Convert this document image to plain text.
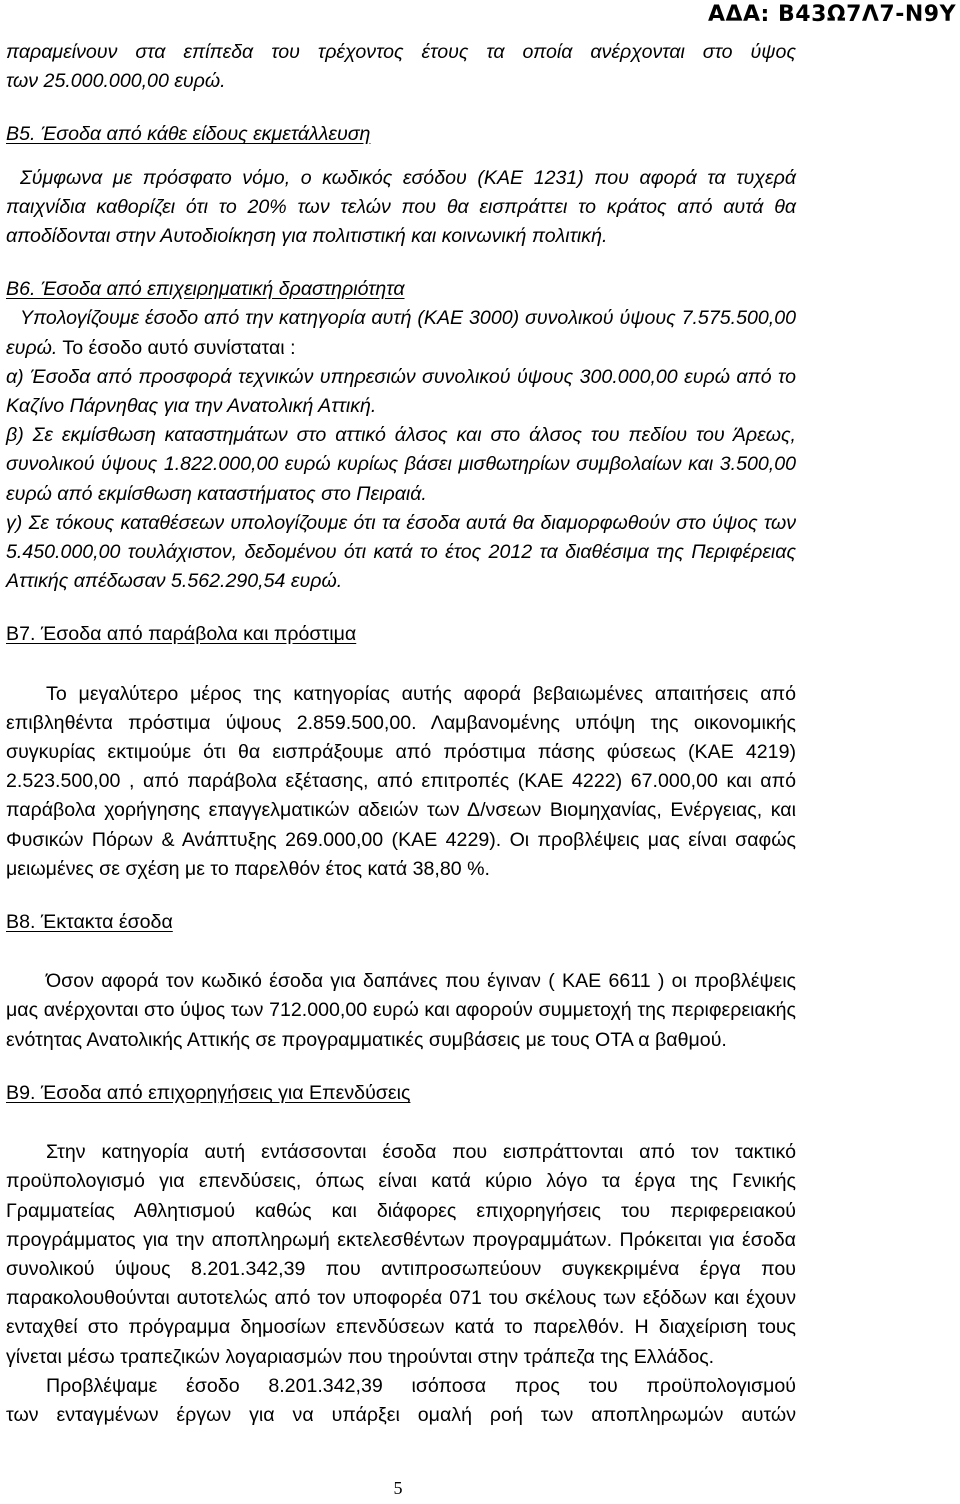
ΑΔΑ: Β43Ω7Λ7-Ν9Υ

παραμείνουν στα επίπεδα του τρέχοντος έτους τα οποία ανέρχονται στο ύψος
των 25.000.000,00 ευρώ.

Β5. Έσοδα από κάθε είδους εκμετάλλευση

Σύμφωνα με πρόσφατο νόμο, ο κωδικός εσόδου (ΚΑΕ 1231) που αφορά τα τυχερά παιχνίδια καθορίζει ότι το 20% των τελών που θα εισπράττει το κράτος από αυτά θα αποδίδονται στην Αυτοδιοίκηση για πολιτιστική και κοινωνική πολιτική.

Β6. Έσοδα από επιχειρηματική δραστηριότητα

Υπολογίζουμε έσοδο από την κατηγορία αυτή (ΚΑΕ 3000) συνολικού ύψους 7.575.500,00 ευρώ. Το έσοδο αυτό συνίσταται :

α) Έσοδα από προσφορά τεχνικών υπηρεσιών συνολικού ύψους 300.000,00 ευρώ από το Καζίνο Πάρνηθας για την Ανατολική Αττική.

β) Σε εκμίσθωση καταστημάτων στο αττικό άλσος και στο άλσος του πεδίου του Άρεως, συνολικού ύψους 1.822.000,00 ευρώ κυρίως βάσει μισθωτηρίων συμβολαίων και 3.500,00 ευρώ από εκμίσθωση καταστήματος στο Πειραιά.

γ) Σε τόκους καταθέσεων υπολογίζουμε ότι τα έσοδα αυτά θα διαμορφωθούν στο ύψος των 5.450.000,00 τουλάχιστον, δεδομένου ότι κατά το έτος 2012 τα διαθέσιμα της Περιφέρειας Αττικής απέδωσαν 5.562.290,54 ευρώ.

Β7. Έσοδα από παράβολα και πρόστιμα

Το μεγαλύτερο μέρος της κατηγορίας αυτής αφορά βεβαιωμένες απαιτήσεις από επιβληθέντα πρόστιμα ύψους 2.859.500,00. Λαμβανομένης υπόψη της οικονομικής συγκυρίας εκτιμούμε ότι θα εισπράξουμε από πρόστιμα πάσης φύσεως (ΚΑΕ 4219) 2.523.500,00 , από παράβολα εξέτασης, από επιτροπές (ΚΑΕ 4222) 67.000,00 και από παράβολα χορήγησης επαγγελματικών αδειών των Δ/νσεων Βιομηχανίας, Ενέργειας, και Φυσικών Πόρων & Ανάπτυξης 269.000,00 (ΚΑΕ 4229). Οι προβλέψεις μας είναι σαφώς μειωμένες σε σχέση με το παρελθόν έτος κατά 38,80 %.

Β8. Έκτακτα έσοδα

Όσον αφορά τον κωδικό έσοδα για δαπάνες που έγιναν ( ΚΑΕ 6611 ) οι προβλέψεις μας ανέρχονται στο ύψος των 712.000,00 ευρώ και αφορούν συμμετοχή της περιφερειακής ενότητας Ανατολικής Αττικής σε προγραμματικές συμβάσεις με τους ΟΤΑ α βαθμού.

Β9. Έσοδα από επιχορηγήσεις για Επενδύσεις

Στην κατηγορία αυτή εντάσσονται έσοδα που εισπράττονται από τον τακτικό προϋπολογισμό για επενδύσεις, όπως είναι κατά κύριο λόγο τα έργα της Γενικής Γραμματείας Αθλητισμού καθώς και διάφορες επιχορηγήσεις του περιφερειακού προγράμματος για την αποπληρωμή εκτελεσθέντων προγραμμάτων. Πρόκειται για έσοδα συνολικού ύψους 8.201.342,39 που αντιπροσωπεύουν συγκεκριμένα έργα που παρακολουθούνται αυτοτελώς από τον υποφορέα 071 του σκέλους των εξόδων και έχουν ενταχθεί στο πρόγραμμα δημοσίων επενδύσεων κατά το παρελθόν. Η διαχείριση τους γίνεται μέσω τραπεζικών λογαριασμών που τηρούνται στην τράπεζα της Ελλάδος.

Προβλέψαμε έσοδο 8.201.342,39 ισόποσα προς του προϋπολογισμού
των ενταγμένων έργων για να υπάρξει ομαλή ροή των αποπληρωμών αυτών

5
